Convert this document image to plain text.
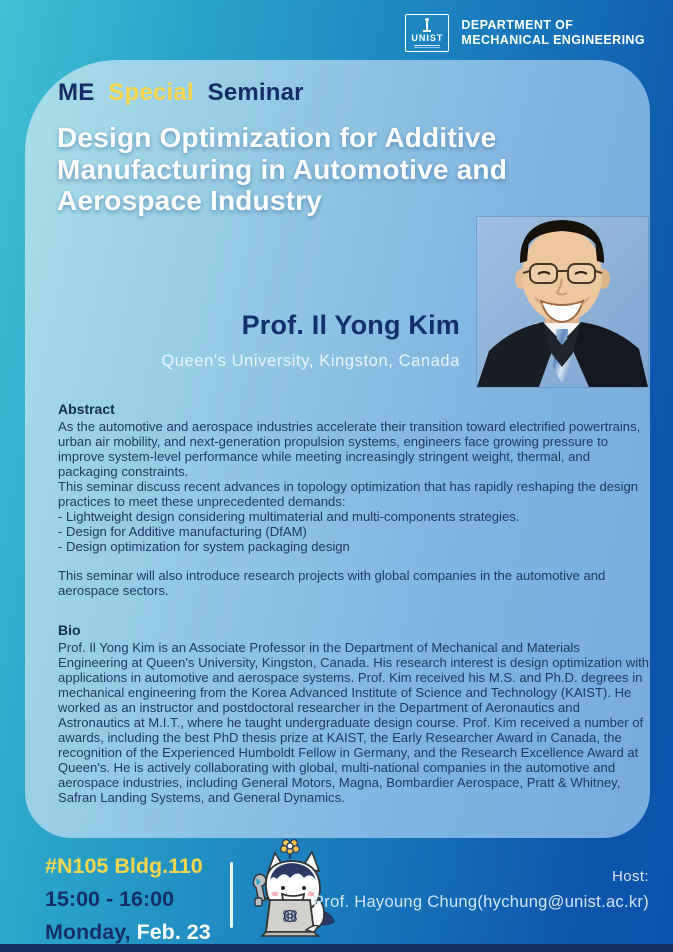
UNIST
DEPARTMENT OF
MECHANICAL ENGINEERING
ME Special Seminar
Design Optimization for Additive Manufacturing in Automotive and Aerospace Industry
Prof. Il Yong Kim
Queen's University, Kingston, Canada
Abstract

As the automotive and aerospace industries accelerate their transition toward electrified powertrains, urban air mobility, and next-generation propulsion systems, engineers face growing pressure to improve system-level performance while meeting increasingly stringent weight, thermal, and packaging constraints.

This seminar discuss recent advances in topology optimization that has rapidly reshaping the design practices to meet these unprecedented demands:

- Lightweight design considering multimaterial and multi-components strategies.
- Design for Additive manufacturing (DfAM)
- Design optimization for system packaging design

This seminar will also introduce research projects with global companies in the automotive and aerospace sectors.

Bio

Prof. Il Yong Kim is an Associate Professor in the Department of Mechanical and Materials Engineering at Queen's University, Kingston, Canada. His research interest is design optimization with applications in automotive and aerospace systems. Prof. Kim received his M.S. and Ph.D. degrees in mechanical engineering from the Korea Advanced Institute of Science and Technology (KAIST). He worked as an instructor and postdoctoral researcher in the Department of Aeronautics and Astronautics at M.I.T., where he taught undergraduate design course. Prof. Kim received a number of awards, including the best PhD thesis prize at KAIST, the Early Researcher Award in Canada, the recognition of the Experienced Humboldt Fellow in Germany, and the Research Excellence Award at Queen's. He is actively collaborating with global, multi-national companies in the automotive and aerospace industries, including General Motors, Magna, Bombardier Aerospace, Pratt & Whitney, Safran Landing Systems, and General Dynamics.

#N105 Bldg.110
15:00 - 16:00
Monday, Feb. 23
Host:
Prof. Hayoung Chung(hychung@unist.ac.kr)
